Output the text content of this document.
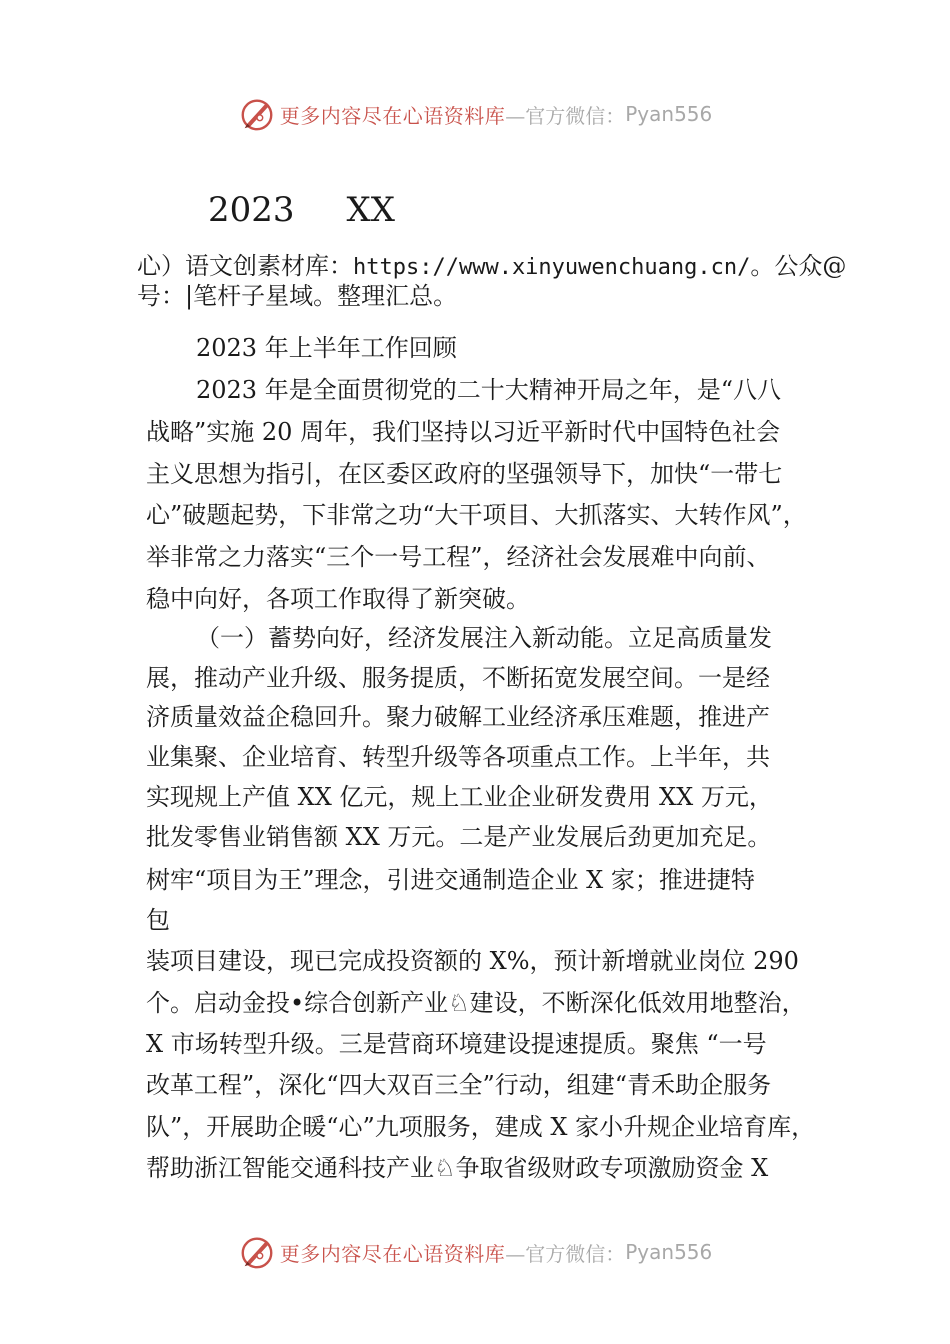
更多内容尽在心语资料库 —官方微信： Pyan556
2023 XX
心）语文创素材库：https://www.xinyuwenchuang.cn/。公众@
号：|笔杆子星域。整理汇总。
2023 年上半年工作回顾
2023 年是全面贯彻党的二十大精神开局之年，是“八八
战略”实施 20 周年，我们坚持以习近平新时代中国特色社会
主义思想为指引，在区委区政府的坚强领导下，加快“一带七
心”破题起势，下非常之功“大干项目、大抓落实、大转作风”，
举非常之力落实“三个一号工程”，经济社会发展难中向前、
稳中向好，各项工作取得了新突破。
（一）蓄势向好，经济发展注入新动能。立足高质量发
展，推动产业升级、服务提质，不断拓宽发展空间。一是经
济质量效益企稳回升。聚力破解工业经济承压难题，推进产
业集聚、企业培育、转型升级等各项重点工作。上半年，共
实现规上产值 XX 亿元，规上工业企业研发费用 XX 万元，
批发零售业销售额 XX 万元。二是产业发展后劲更加充足。
树牢“项目为王”理念，引进交通制造企业 X 家；推进捷特
包
装项目建设，现已完成投资额的 X%，预计新增就业岗位 290
个。启动金投•综合创新产业♘建设，不断深化低效用地整治，
X 市场转型升级。三是营商环境建设提速提质。聚焦 “一号
改革工程”，深化“四大双百三全”行动，组建“青禾助企服务
队”，开展助企暖“心”九项服务，建成 X 家小升规企业培育库，
帮助浙江智能交通科技产业♘争取省级财政专项激励资金 X
更多内容尽在心语资料库 —官方微信： Pyan556
